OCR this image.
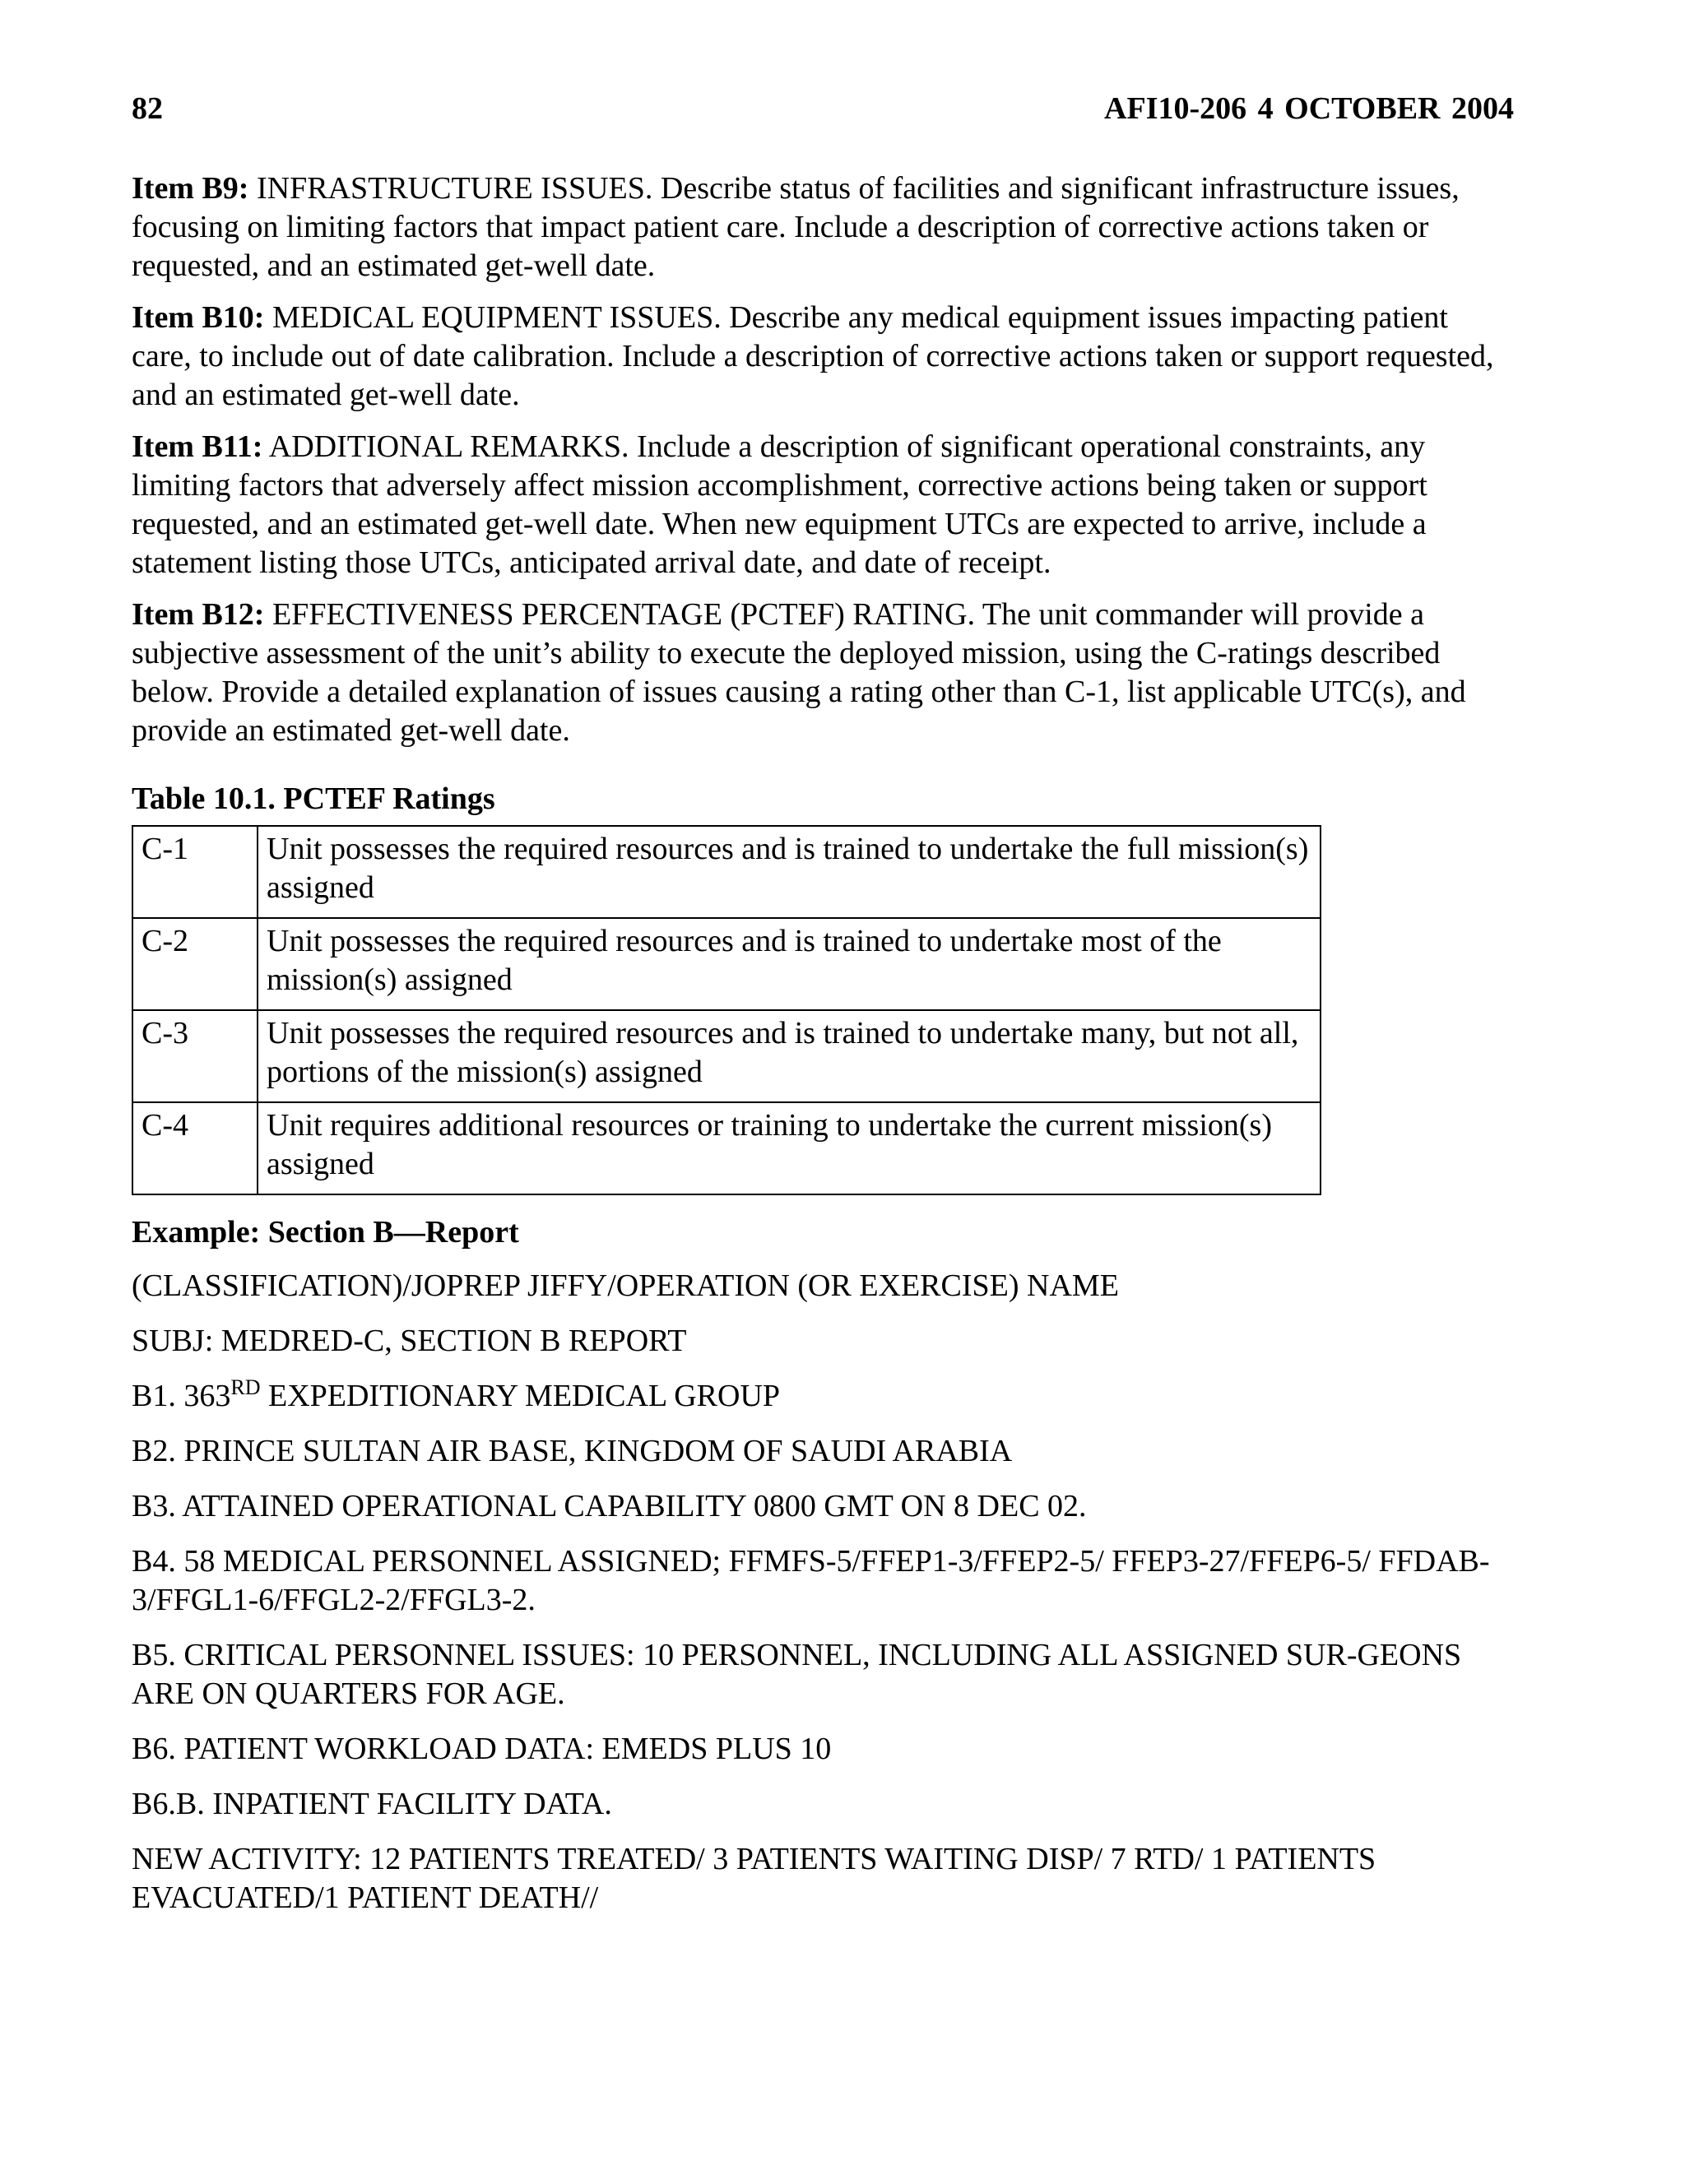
82	AFI10-206 4 OCTOBER 2004

Item B9: INFRASTRUCTURE ISSUES. Describe status of facilities and significant infrastructure issues, focusing on limiting factors that impact patient care. Include a description of corrective actions taken or requested, and an estimated get-well date.

Item B10: MEDICAL EQUIPMENT ISSUES. Describe any medical equipment issues impacting patient care, to include out of date calibration. Include a description of corrective actions taken or support requested, and an estimated get-well date.

Item B11: ADDITIONAL REMARKS. Include a description of significant operational constraints, any limiting factors that adversely affect mission accomplishment, corrective actions being taken or support requested, and an estimated get-well date. When new equipment UTCs are expected to arrive, include a statement listing those UTCs, anticipated arrival date, and date of receipt.

Item B12: EFFECTIVENESS PERCENTAGE (PCTEF) RATING. The unit commander will provide a subjective assessment of the unit’s ability to execute the deployed mission, using the C-ratings described below. Provide a detailed explanation of issues causing a rating other than C-1, list applicable UTC(s), and provide an estimated get-well date.

Table 10.1. PCTEF Ratings
C-1	Unit possesses the required resources and is trained to undertake the full mission(s) assigned
C-2	Unit possesses the required resources and is trained to undertake most of the mission(s) assigned
C-3	Unit possesses the required resources and is trained to undertake many, but not all, portions of the mission(s) assigned
C-4	Unit requires additional resources or training to undertake the current mission(s) assigned
Example: Section B—Report

(CLASSIFICATION)/JOPREP JIFFY/OPERATION (OR EXERCISE) NAME

SUBJ: MEDRED-C, SECTION B REPORT

B1. 363RD EXPEDITIONARY MEDICAL GROUP

B2. PRINCE SULTAN AIR BASE, KINGDOM OF SAUDI ARABIA

B3. ATTAINED OPERATIONAL CAPABILITY 0800 GMT ON 8 DEC 02.

B4. 58 MEDICAL PERSONNEL ASSIGNED; FFMFS-5/FFEP1-3/FFEP2-5/ FFEP3-27/FFEP6-5/ FFDAB-3/FFGL1-6/FFGL2-2/FFGL3-2.

B5. CRITICAL PERSONNEL ISSUES: 10 PERSONNEL, INCLUDING ALL ASSIGNED SUR-GEONS ARE ON QUARTERS FOR AGE.

B6. PATIENT WORKLOAD DATA: EMEDS PLUS 10

B6.B. INPATIENT FACILITY DATA.

NEW ACTIVITY: 12 PATIENTS TREATED/ 3 PATIENTS WAITING DISP/ 7 RTD/ 1 PATIENTS EVACUATED/1 PATIENT DEATH//
